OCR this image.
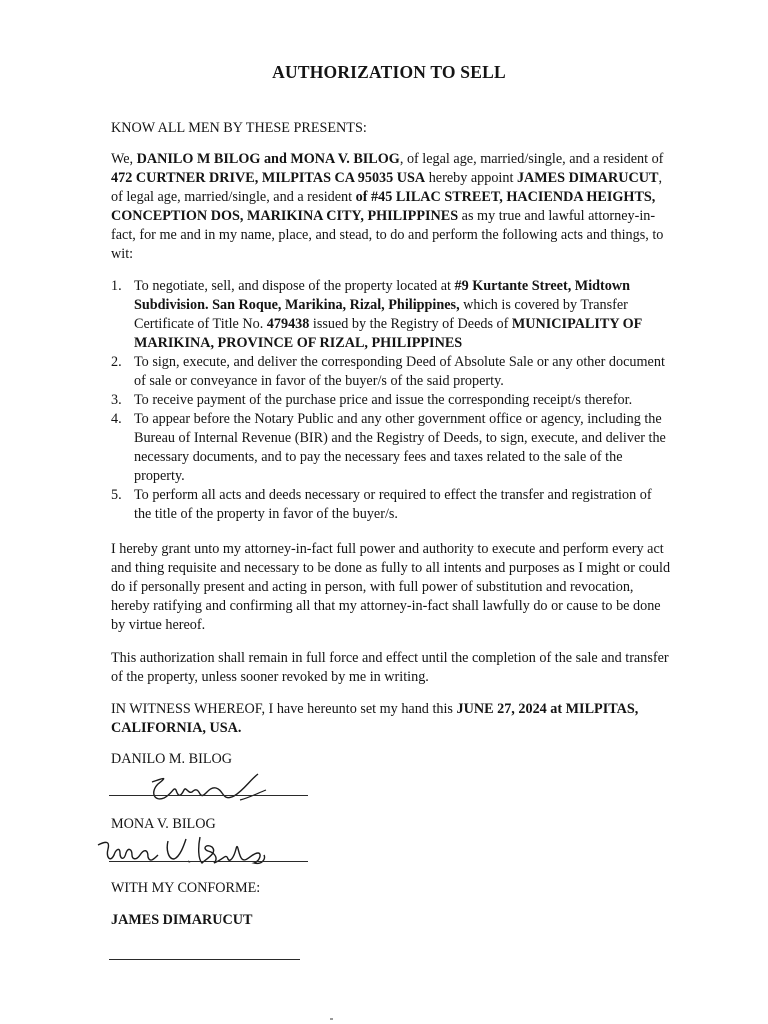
AUTHORIZATION TO SELL
KNOW ALL MEN BY THESE PRESENTS:
We, DANILO M BILOG and MONA V. BILOG, of legal age, married/single, and a resident of 472 CURTNER DRIVE, MILPITAS CA 95035 USA hereby appoint JAMES DIMARUCUT, of legal age, married/single, and a resident of #45 LILAC STREET, HACIENDA HEIGHTS, CONCEPTION DOS, MARIKINA CITY, PHILIPPINES as my true and lawful attorney-in-fact, for me and in my name, place, and stead, to do and perform the following acts and things, to wit:
1. To negotiate, sell, and dispose of the property located at #9 Kurtante Street, Midtown Subdivision. San Roque, Marikina, Rizal, Philippines, which is covered by Transfer Certificate of Title No. 479438 issued by the Registry of Deeds of MUNICIPALITY OF MARIKINA, PROVINCE OF RIZAL, PHILIPPINES
2. To sign, execute, and deliver the corresponding Deed of Absolute Sale or any other document of sale or conveyance in favor of the buyer/s of the said property.
3. To receive payment of the purchase price and issue the corresponding receipt/s therefor.
4. To appear before the Notary Public and any other government office or agency, including the Bureau of Internal Revenue (BIR) and the Registry of Deeds, to sign, execute, and deliver the necessary documents, and to pay the necessary fees and taxes related to the sale of the property.
5. To perform all acts and deeds necessary or required to effect the transfer and registration of the title of the property in favor of the buyer/s.
I hereby grant unto my attorney-in-fact full power and authority to execute and perform every act and thing requisite and necessary to be done as fully to all intents and purposes as I might or could do if personally present and acting in person, with full power of substitution and revocation, hereby ratifying and confirming all that my attorney-in-fact shall lawfully do or cause to be done by virtue hereof.
This authorization shall remain in full force and effect until the completion of the sale and transfer of the property, unless sooner revoked by me in writing.
IN WITNESS WHEREOF, I have hereunto set my hand this JUNE 27, 2024 at MILPITAS, CALIFORNIA, USA.
DANILO M. BILOG
MONA V. BILOG
WITH MY CONFORME:
JAMES DIMARUCUT
